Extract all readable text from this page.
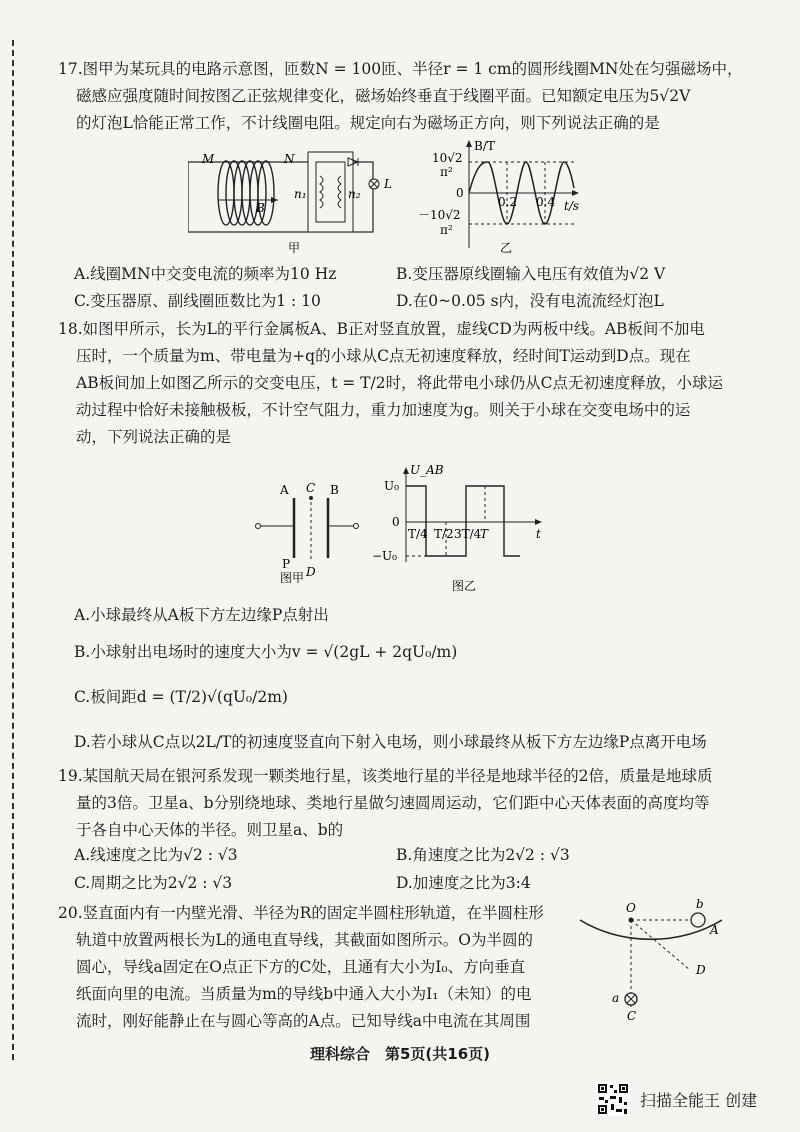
17.图甲为某玩具的电路示意图，匝数N = 100匝、半径r = 1 cm的圆形线圈MN处在匀强磁场中，

磁感应强度随时间按图乙正弦规律变化，磁场始终垂直于线圈平面。已知额定电压为5√2V

的灯泡L恰能正常工作，不计线圈电阻。规定向右为磁场正方向，则下列说法正确的是

M	N
B
n₁	n₂
L
甲
B/T
10√2
π²
0
－10√2
π²
0.2 0.4 t/s
乙
A.线圈MN中交变电流的频率为10 Hz	B.变压器原线圈输入电压有效值为√2 V
C.变压器原、副线圈匝数比为1 : 10	D.在0~0.05 s内，没有电流流经灯泡L

18.如图甲所示，长为L的平行金属板A、B正对竖直放置，虚线CD为两板中线。AB板间不加电

压时，一个质量为m、带电量为+q的小球从C点无初速度释放，经时间T运动到D点。现在

AB板间加上如图乙所示的交变电压，t = T/2时，将此带电小球仍从C点无初速度释放，小球运

动过程中恰好未接触极板，不计空气阻力，重力加速度为g。则关于小球在交变电场中的运

动，下列说法正确的是

A C B
P
D
图甲
U_AB
U₀
0
−U₀
T/4 T/2 3T/4
T	t
图乙
A.小球最终从A板下方左边缘P点射出
B.小球射出电场时的速度大小为v = √(2gL + 2qU₀/m)
C.板间距d = (T/2)√(qU₀/2m)
D.若小球从C点以2L/T的初速度竖直向下射入电场，则小球最终从板下方左边缘P点离开电场

19.某国航天局在银河系发现一颗类地行星，该类地行星的半径是地球半径的2倍，质量是地球质

量的3倍。卫星a、b分别绕地球、类地行星做匀速圆周运动，它们距中心天体表面的高度均等

于各自中心天体的半径。则卫星a、b的

A.线速度之比为√2 : √3	B.角速度之比为2√2 : √3
C.周期之比为2√2 : √3	D.加速度之比为3:4

20.竖直面内有一内壁光滑、半径为R的固定半圆柱形轨道，在半圆柱形

轨道中放置两根长为L的通电直导线，其截面如图所示。O为半圆的

圆心，导线a固定在O点正下方的C处，且通有大小为I₀、方向垂直

纸面向里的电流。当质量为m的导线b中通入大小为I₁（未知）的电

流时，刚好能静止在与圆心等高的A点。已知导线a中电流在其周围

O	b
A
D
a
C
理科综合　第5页(共16页)
扫描全能王 创建
